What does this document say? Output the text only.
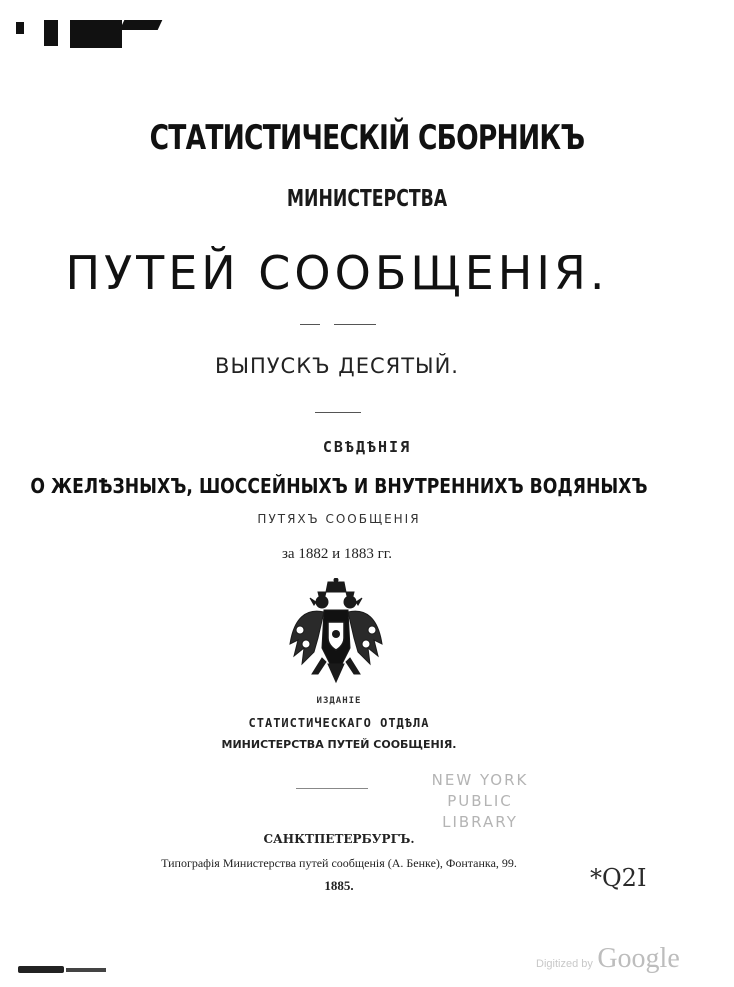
СТАТИСТИЧЕСКІЙ СБОРНИКЪ
МИНИСТЕРСТВА
ПУТЕЙ СООБЩЕНІЯ.
ВЫПУСКЪ ДЕСЯТЫЙ.
СВѢДѢНІЯ
О ЖЕЛѢЗНЫХЪ, ШОССЕЙНЫХЪ И ВНУТРЕННИХЪ ВОДЯНЫХЪ
ПУТЯХЪ СООБЩЕНІЯ
за 1882 и 1883 гг.
ИЗДАНІЕ
СТАТИСТИЧЕСКАГО ОТДѢЛА
МИНИСТЕРСТВА ПУТЕЙ СООБЩЕНІЯ.
NEW YORK
PUBLIC
LIBRARY
САНКТПЕТЕРБУРГЪ.
Типографія Министерства путей сообщенія (А. Бенке), Фонтанка, 99.
1885.	*Q2I
Digitized by Google
